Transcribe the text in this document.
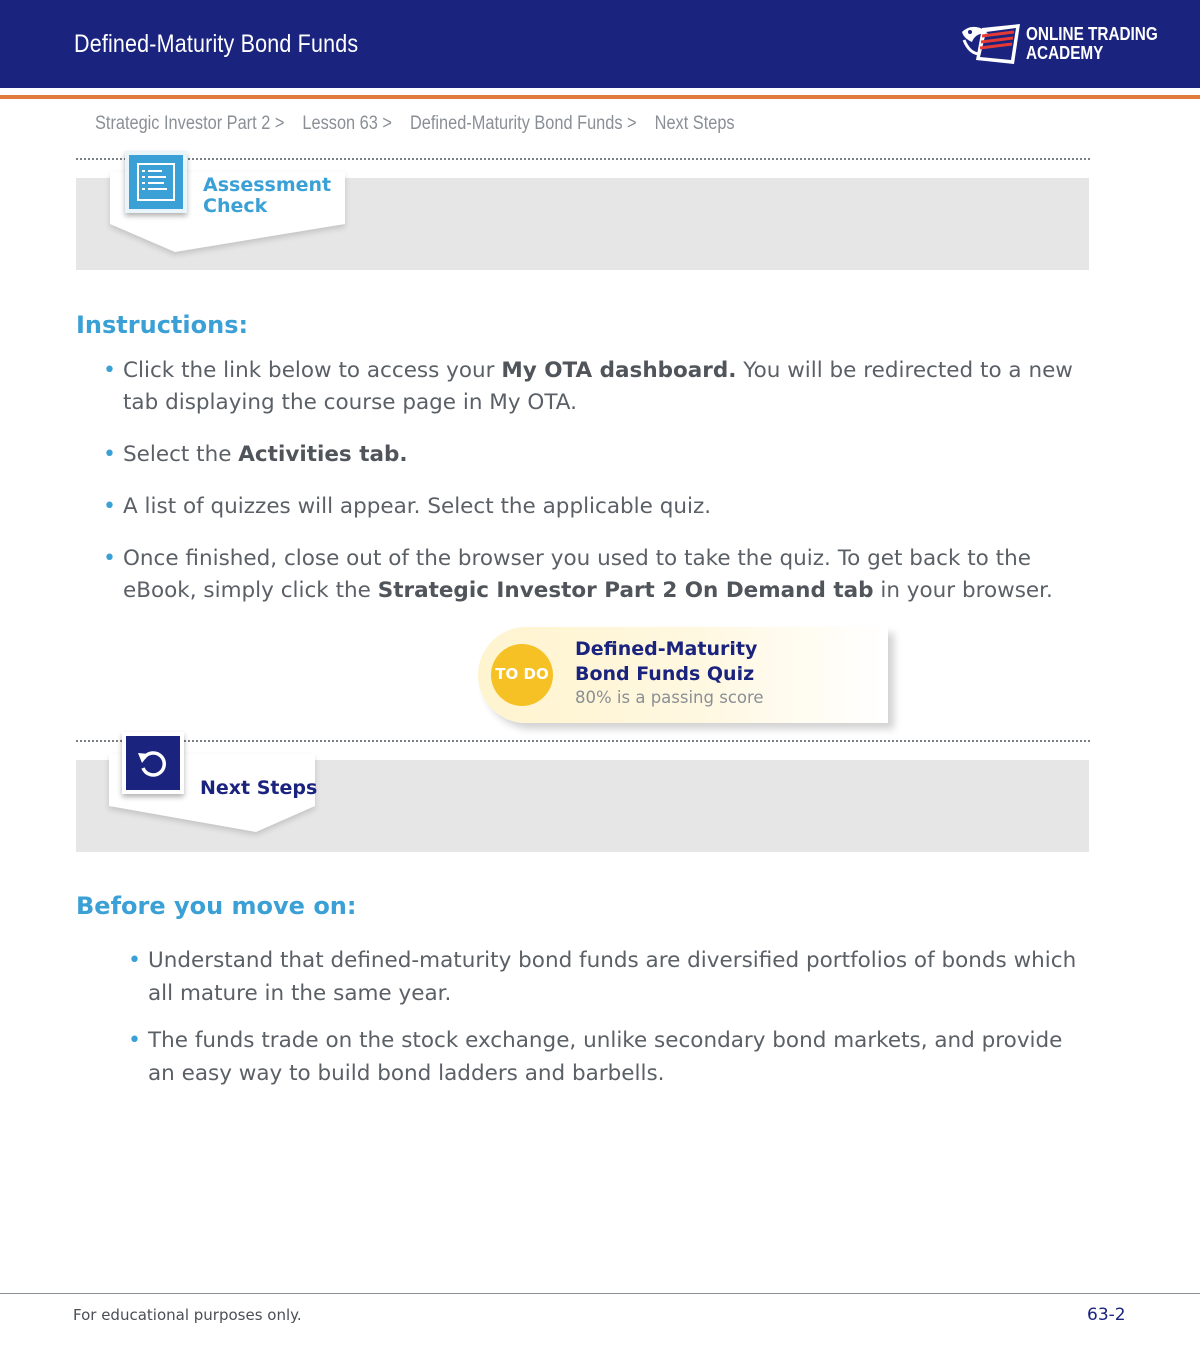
Defined-Maturity Bond Funds	ONLINE TRADING
ACADEMY
Strategic Investor Part 2 > Lesson 63 > Defined-Maturity Bond Funds > Next Steps
Assessment
Check
Instructions:
• Click the link below to access your My OTA dashboard. You will be redirected to a new tab displaying the course page in My OTA.
• Select the Activities tab.
• A list of quizzes will appear. Select the applicable quiz.
• Once finished, close out of the browser you used to take the quiz. To get back to the eBook, simply click the Strategic Investor Part 2 On Demand tab in your browser.
TO DO
Defined-Maturity
Bond Funds Quiz
80% is a passing score
Next Steps
Before you move on:
• Understand that defined-maturity bond funds are diversified portfolios of bonds which all mature in the same year.
• The funds trade on the stock exchange, unlike secondary bond markets, and provide an easy way to build bond ladders and barbells.
For educational purposes only.	63-2
